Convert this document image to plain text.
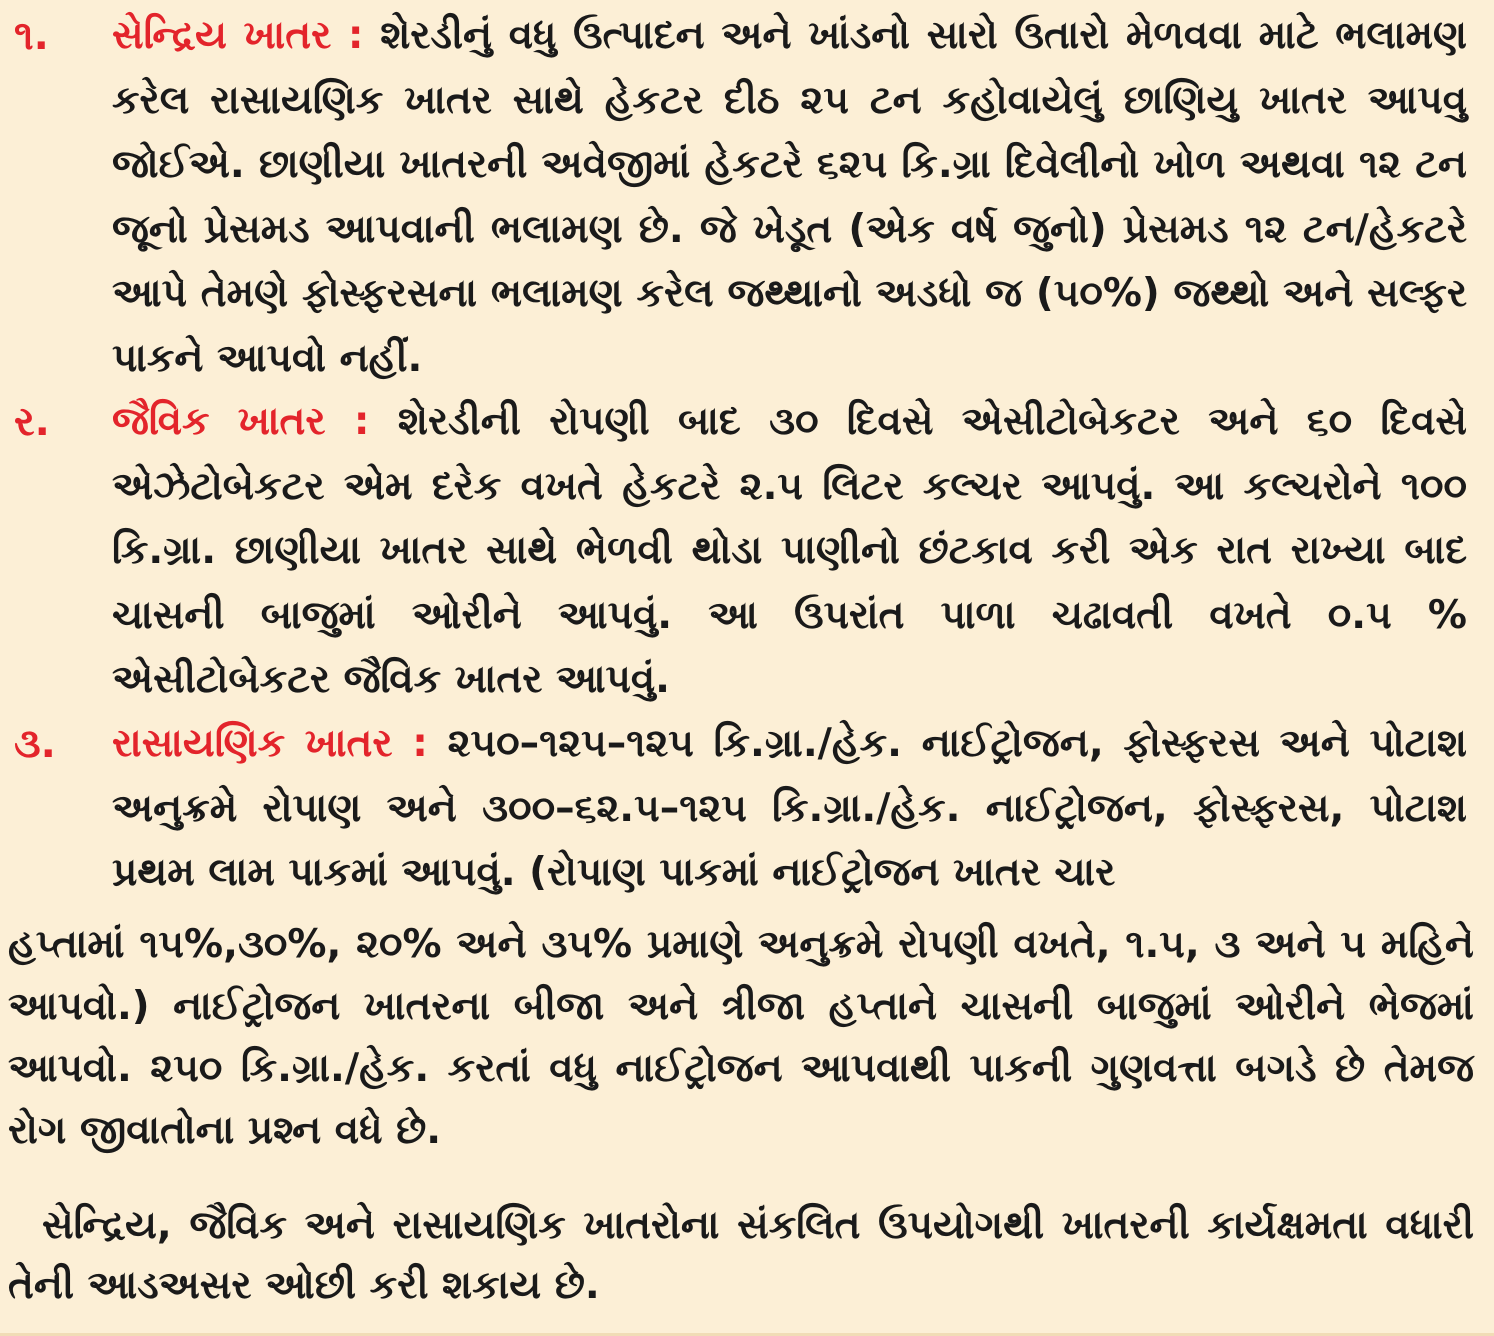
૧. સેન્દ્રિય ખાતર : શેરડીનું વધુ ઉત્પાદન અને ખાંડનો સારો ઉતારો મેળવવા માટે ભલામણ કરેલ રાસાયણિક ખાતર સાથે હેકટર દીઠ ૨૫ ટન કહોવાયેલું છાણિયુ ખાતર આપવુ જોઈએ. છાણીયા ખાતરની અવેજીમાં હેકટરે ૬૨૫ કિ.ગ્રા દિવેલીનો ખોળ અથવા ૧૨ ટન જૂનો પ્રેસમડ આપવાની ભલામણ છે. જે ખેડૂત (એક વર્ષ જુનો) પ્રેસમડ ૧૨ ટન/હેકટરે આપે તેમણે ફોસ્ફરસના ભલામણ કરેલ જથ્થાનો અડધો જ (૫૦%) જથ્થો અને સલ્ફર પાકને આપવો નહીં.
ર. જૈવિક ખાતર : શેરડીની રોપણી બાદ ૩૦ દિવસે એસીટોબેકટર અને ૬૦ દિવસે એઝેટોબેકટર એમ દરેક વખતે હેકટરે ૨.૫ લિટર કલ્ચર આપવું. આ કલ્ચરોને ૧૦૦ કિ.ગ્રા. છાણીયા ખાતર સાથે ભેળવી થોડા પાણીનો છંટકાવ કરી એક રાત રાખ્યા બાદ ચાસની બાજુમાં ઓરીને આપવું. આ ઉપરાંત પાળા ચઢાવતી વખતે ૦.૫ % એસીટોબેકટર જૈવિક ખાતર આપવું.
૩. રાસાયણિક ખાતર : ૨૫૦–૧૨૫–૧૨૫ કિ.ગ્રા./હેક. નાઈટ્રોજન, ફોસ્ફરસ અને પોટાશ અનુક્રમે રોપાણ અને ૩૦૦–૬૨.૫–૧૨૫ કિ.ગ્રા./હેક. નાઈટ્રોજન, ફોસ્ફરસ, પોટાશ પ્રથમ લામ પાકમાં આપવું. (રોપાણ પાકમાં નાઈટ્રોજન ખાતર ચાર
હપ્તામાં ૧૫%,૩૦%, ૨૦% અને ૩૫% પ્રમાણે અનુક્રમે રોપણી વખતે, ૧.૫, ૩ અને ૫ મહિને આપવો.) નાઈટ્રોજન ખાતરના બીજા અને ત્રીજા હપ્તાને ચાસની બાજુમાં ઓરીને ભેજમાં આપવો. ૨૫૦ કિ.ગ્રા./હેક. કરતાં વધુ નાઈટ્રોજન આપવાથી પાકની ગુણવત્તા બગડે છે તેમજ રોગ જીવાતોના પ્રશ્ન વધે છે.
સેન્દ્રિય, જૈવિક અને રાસાયણિક ખાતરોના સંકલિત ઉપયોગથી ખાતરની કાર્યક્ષમતા વધારી તેની આડઅસર ઓછી કરી શકાય છે.
